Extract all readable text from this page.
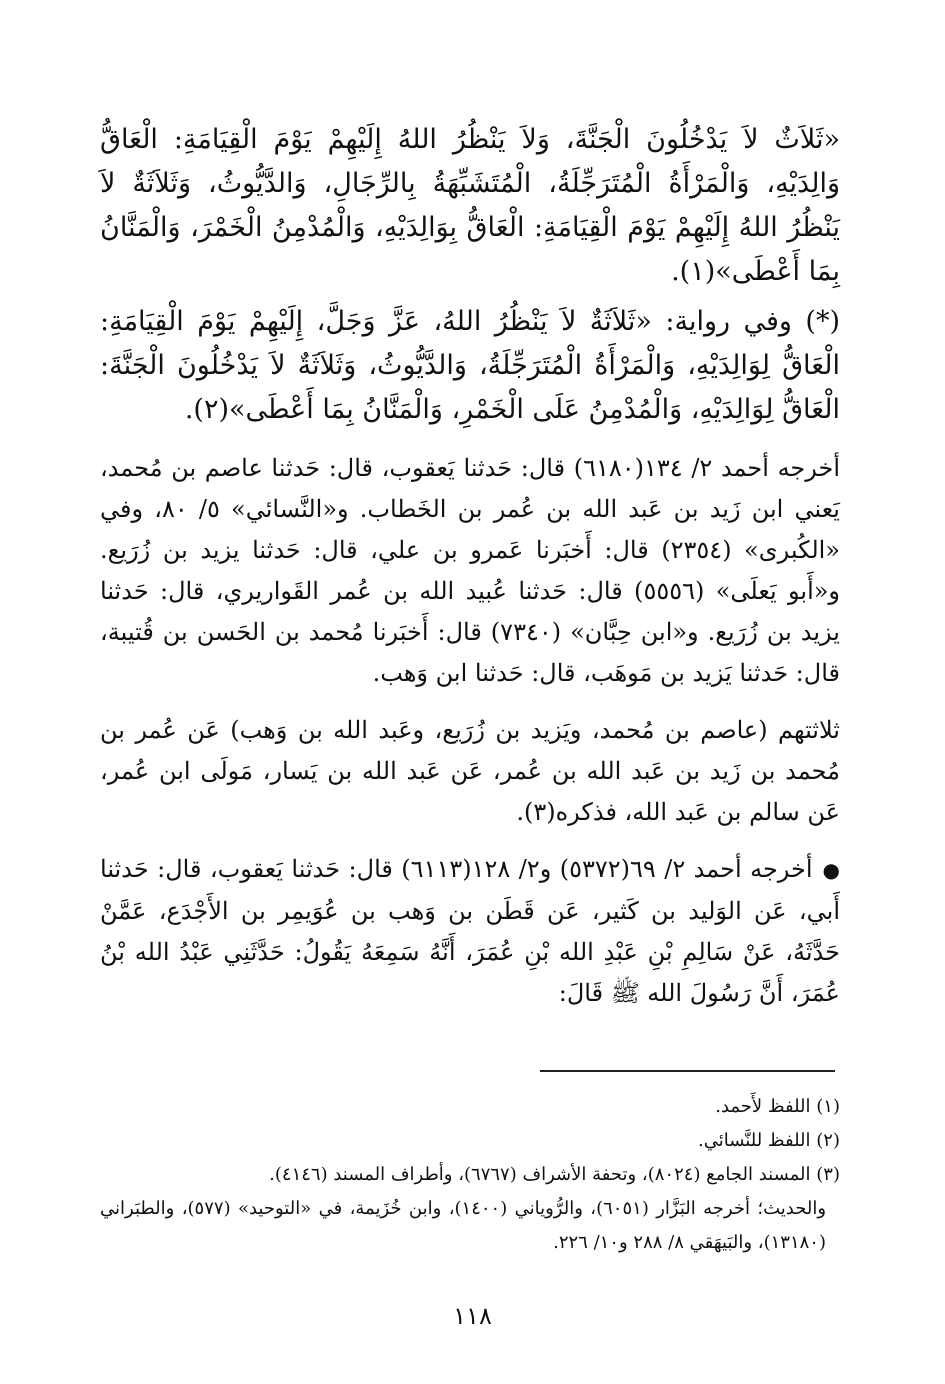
«ثَلاَثٌ لاَ يَدْخُلُونَ الْجَنَّةَ، وَلاَ يَنْظُرُ اللهُ إِلَيْهِمْ يَوْمَ الْقِيَامَةِ: الْعَاقُّ وَالِدَيْهِ، وَالْمَرْأَةُ الْمُتَرَجِّلَةُ، الْمُتَشَبِّهَةُ بِالرِّجَالِ، وَالدَّيُّوثُ، وَثَلاَثَةٌ لاَ يَنْظُرُ اللهُ إِلَيْهِمْ يَوْمَ الْقِيَامَةِ: الْعَاقُّ بِوَالِدَيْهِ، وَالْمُدْمِنُ الْخَمْرَ، وَالْمَنَّانُ بِمَا أَعْطَى»(١).

(*) وفي رواية: «ثَلاَثَةٌ لاَ يَنْظُرُ اللهُ، عَزَّ وَجَلَّ، إِلَيْهِمْ يَوْمَ الْقِيَامَةِ: الْعَاقُّ لِوَالِدَيْهِ، وَالْمَرْأَةُ الْمُتَرَجِّلَةُ، وَالدَّيُّوثُ، وَثَلاَثَةٌ لاَ يَدْخُلُونَ الْجَنَّةَ: الْعَاقُّ لِوَالِدَيْهِ، وَالْمُدْمِنُ عَلَى الْخَمْرِ، وَالْمَنَّانُ بِمَا أَعْطَى»(٢).

أخرجه أحمد ٢/ ١٣٤(٦١٨٠) قال: حَدثنا يَعقوب، قال: حَدثنا عاصم بن مُحمد، يَعني ابن زَيد بن عَبد الله بن عُمر بن الخَطاب. و«النَّسائي» ٥/ ٨٠، وفي «الكُبرى» (٢٣٥٤) قال: أَخبَرنا عَمرو بن علي، قال: حَدثنا يزيد بن زُرَيع. و«أَبو يَعلَى» (٥٥٥٦) قال: حَدثنا عُبيد الله بن عُمر القَواريري، قال: حَدثنا يزيد بن زُرَيع. و«ابن حِبَّان» (٧٣٤٠) قال: أَخبَرنا مُحمد بن الحَسن بن قُتيبة، قال: حَدثنا يَزيد بن مَوهَب، قال: حَدثنا ابن وَهب.

ثلاثتهم (عاصم بن مُحمد، ويَزيد بن زُرَيع، وعَبد الله بن وَهب) عَن عُمر بن مُحمد بن زَيد بن عَبد الله بن عُمر، عَن عَبد الله بن يَسار، مَولَى ابن عُمر، عَن سالم بن عَبد الله، فذكره(٣).

●أخرجه أحمد ٢/ ٦٩(٥٣٧٢) و٢/ ١٢٨(٦١١٣) قال: حَدثنا يَعقوب، قال: حَدثنا أَبي، عَن الوَليد بن كَثير، عَن قَطَن بن وَهب بن عُوَيمِر بن الأَجْدَع، عَمَّنْ حَدَّثَهُ، عَنْ سَالِمِ بْنِ عَبْدِ الله بْنِ عُمَرَ، أَنَّهُ سَمِعَهُ يَقُولُ: حَدَّثَنِي عَبْدُ الله بْنُ عُمَرَ، أَنَّ رَسُولَ الله ﷺ قَالَ:

(١) اللفظ لأَحمد.

(٢) اللفظ للنَّسائي.

(٣) المسند الجامع (٨٠٢٤)، وتحفة الأشراف (٦٧٦٧)، وأطراف المسند (٤١٤٦).

والحديث؛ أخرجه البَزَّار (٦٠٥١)، والرُّوياني (١٤٠٠)، وابن خُزَيمة، في «التوحيد» (٥٧٧)، والطبَراني (١٣١٨٠)، والبَيهَقي ٨/ ٢٨٨ و١٠/ ٢٢٦.

١١٨
